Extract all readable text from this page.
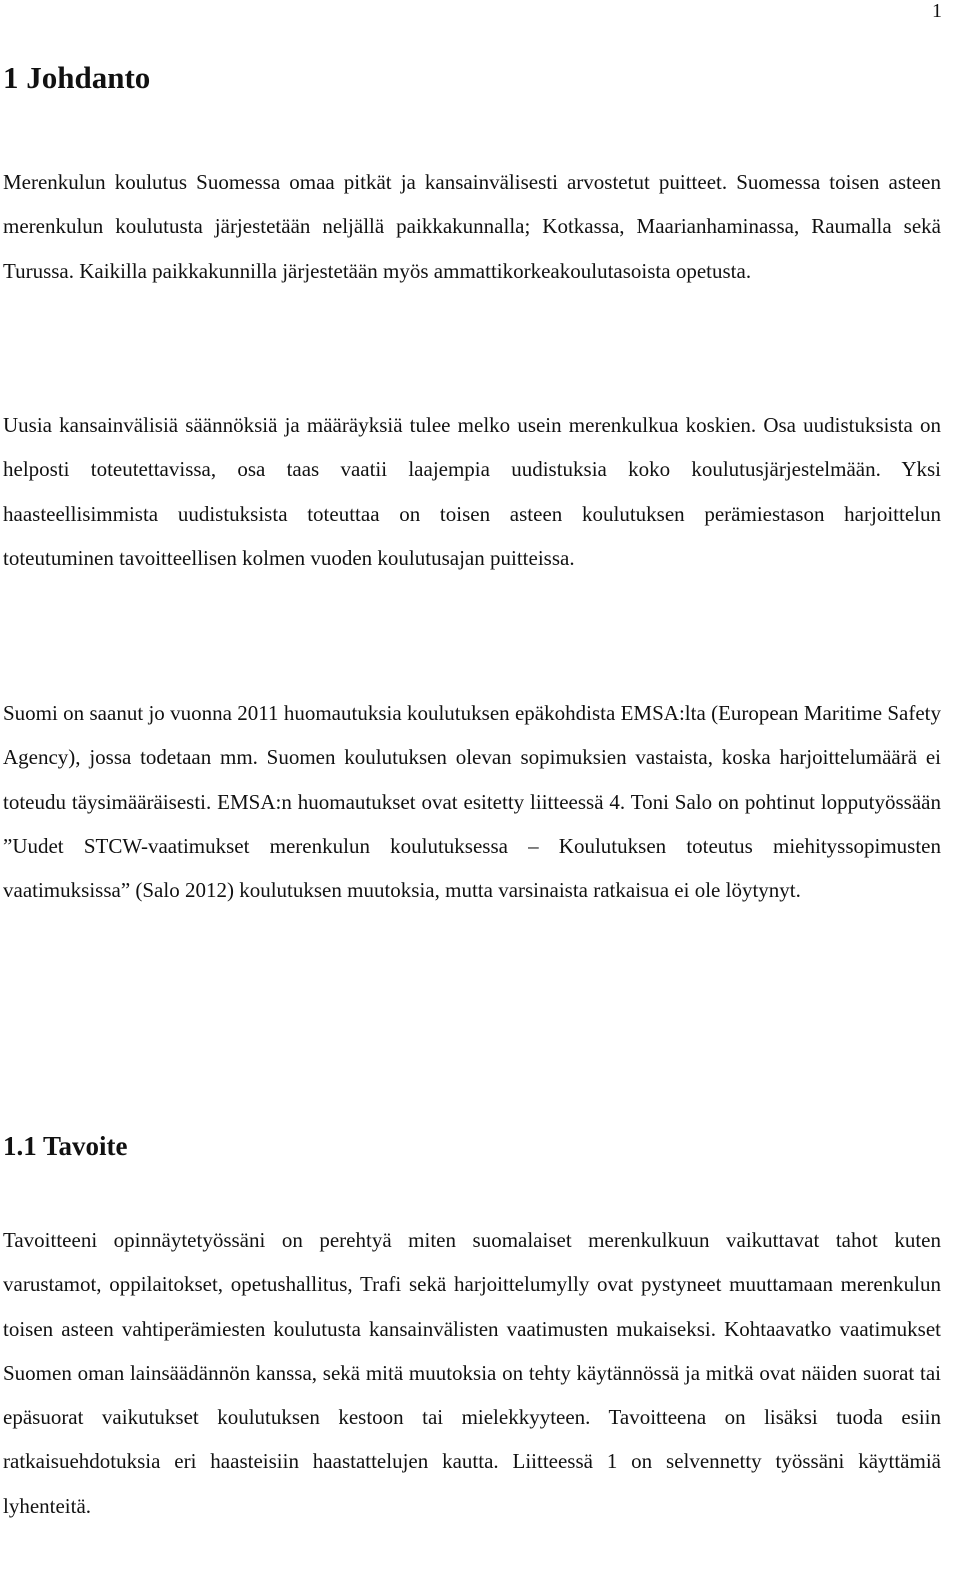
1
1 Johdanto

Merenkulun koulutus Suomessa omaa pitkät ja kansainvälisesti arvostetut puitteet. Suomessa toisen asteen merenkulun koulutusta järjestetään neljällä paikkakunnalla; Kotkassa, Maarianhaminassa, Raumalla sekä Turussa. Kaikilla paikkakunnilla järjestetään myös ammattikorkeakoulutasoista opetusta.

Uusia kansainvälisiä säännöksiä ja määräyksiä tulee melko usein merenkulkua koskien. Osa uudistuksista on helposti toteutettavissa, osa taas vaatii laajempia uudistuksia koko koulutusjärjestelmään. Yksi haasteellisimmista uudistuksista toteuttaa on toisen asteen koulutuksen perämiestason harjoittelun toteutuminen tavoitteellisen kolmen vuoden koulutusajan puitteissa.

Suomi on saanut jo vuonna 2011 huomautuksia koulutuksen epäkohdista EMSA:lta (European Maritime Safety Agency), jossa todetaan mm. Suomen koulutuksen olevan sopimuksien vastaista, koska harjoittelumäärä ei toteudu täysimääräisesti. EMSA:n huomautukset ovat esitetty liitteessä 4. Toni Salo on pohtinut lopputyössään ”Uudet STCW-vaatimukset merenkulun koulutuksessa – Koulutuksen toteutus miehityssopimusten vaatimuksissa” (Salo 2012) koulutuksen muutoksia, mutta varsinaista ratkaisua ei ole löytynyt.

1.1 Tavoite

Tavoitteeni opinnäytetyössäni on perehtyä miten suomalaiset merenkulkuun vaikuttavat tahot kuten varustamot, oppilaitokset, opetushallitus, Trafi sekä harjoittelumylly ovat pystyneet muuttamaan merenkulun toisen asteen vahtiperämiesten koulutusta kansainvälisten vaatimusten mukaiseksi. Kohtaavatko vaatimukset Suomen oman lainsäädännön kanssa, sekä mitä muutoksia on tehty käytännössä ja mitkä ovat näiden suorat tai epäsuorat vaikutukset koulutuksen kestoon tai mielekkyyteen. Tavoitteena on lisäksi tuoda esiin ratkaisuehdotuksia eri haasteisiin haastattelujen kautta. Liitteessä 1 on selvennetty työssäni käyttämiä lyhenteitä.
